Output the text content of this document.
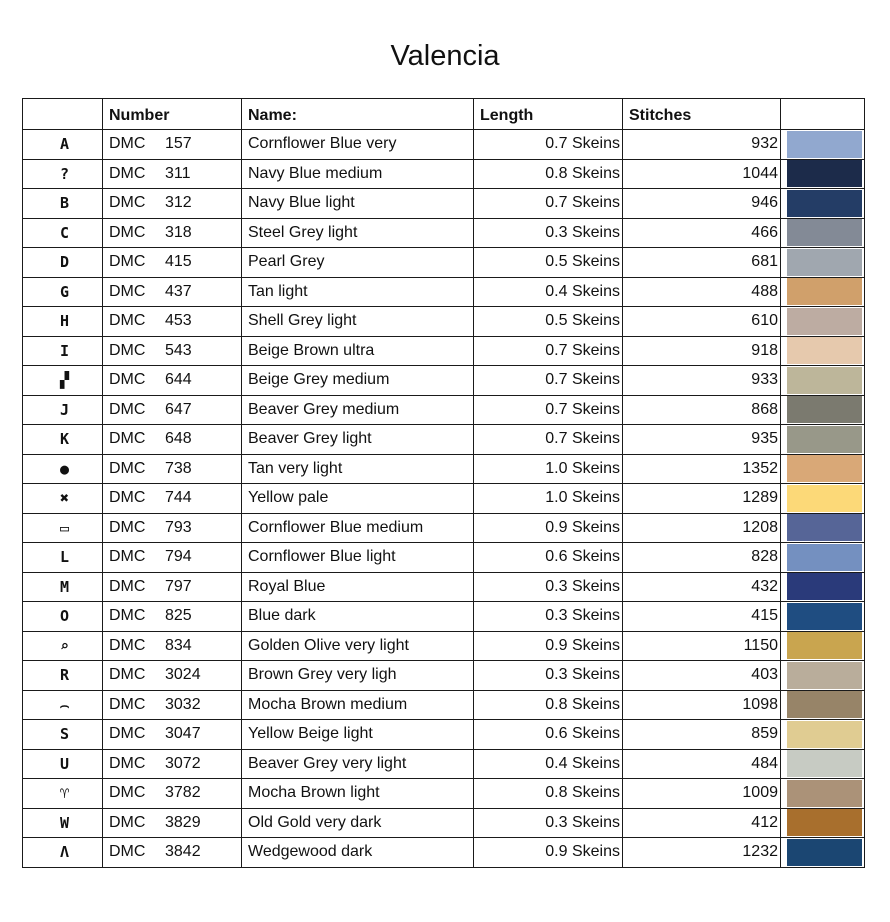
Valencia
	Number	Name:	Length	Stitches	
A	DMC 157	Cornflower Blue very	0.7 Skeins	932	

?	DMC 311	Navy Blue medium	0.8 Skeins	1044	

B	DMC 312	Navy Blue light	0.7 Skeins	946	

C	DMC 318	Steel Grey light	0.3 Skeins	466	

D	DMC 415	Pearl Grey	0.5 Skeins	681	

G	DMC 437	Tan light	0.4 Skeins	488	

H	DMC 453	Shell Grey light	0.5 Skeins	610	

I	DMC 543	Beige Brown ultra	0.7 Skeins	918	

▞	DMC 644	Beige Grey medium	0.7 Skeins	933	

J	DMC 647	Beaver Grey medium	0.7 Skeins	868	

K	DMC 648	Beaver Grey light	0.7 Skeins	935	

●	DMC 738	Tan very light	1.0 Skeins	1352	

✖	DMC 744	Yellow pale	1.0 Skeins	1289	

▭	DMC 793	Cornflower Blue medium	0.9 Skeins	1208	

L	DMC 794	Cornflower Blue light	0.6 Skeins	828	

M	DMC 797	Royal Blue	0.3 Skeins	432	

O	DMC 825	Blue dark	0.3 Skeins	415	

⌕	DMC 834	Golden Olive very light	0.9 Skeins	1150	

R	DMC 3024	Brown Grey very ligh	0.3 Skeins	403	

⌢	DMC 3032	Mocha Brown medium	0.8 Skeins	1098	

S	DMC 3047	Yellow Beige light	0.6 Skeins	859	

U	DMC 3072	Beaver Grey very light	0.4 Skeins	484	

♈	DMC 3782	Mocha Brown light	0.8 Skeins	1009	

W	DMC 3829	Old Gold very dark	0.3 Skeins	412	

Λ	DMC 3842	Wedgewood dark	0.9 Skeins	1232	
